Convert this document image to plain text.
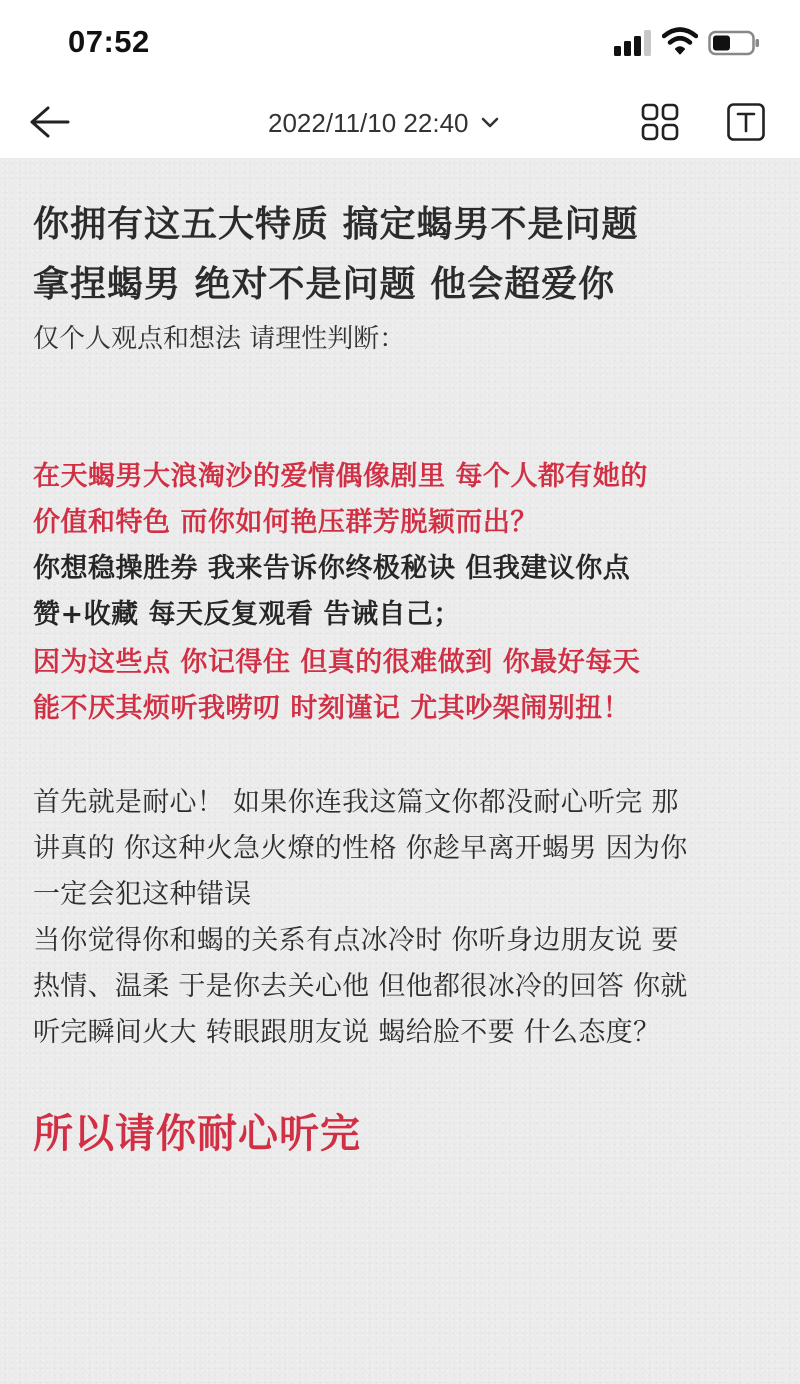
07:52
2022/11/10 22:40
你拥有这五大特质 搞定蝎男不是问题
拿捏蝎男 绝对不是问题 他会超爱你
仅个人观点和想法 请理性判断：
在天蝎男大浪淘沙的爱情偶像剧里 每个人都有她的
价值和特色 而你如何艳压群芳脱颖而出？
你想稳操胜券 我来告诉你终极秘诀 但我建议你点
赞+收藏 每天反复观看 告诫自己；
因为这些点 你记得住 但真的很难做到 你最好每天
能不厌其烦听我唠叨 时刻谨记 尤其吵架闹别扭！
首先就是耐心！ 如果你连我这篇文你都没耐心听完 那
讲真的 你这种火急火燎的性格 你趁早离开蝎男 因为你
一定会犯这种错误
当你觉得你和蝎的关系有点冰冷时 你听身边朋友说 要
热情、温柔 于是你去关心他 但他都很冰冷的回答 你就
听完瞬间火大 转眼跟朋友说 蝎给脸不要 什么态度？
所以请你耐心听完
